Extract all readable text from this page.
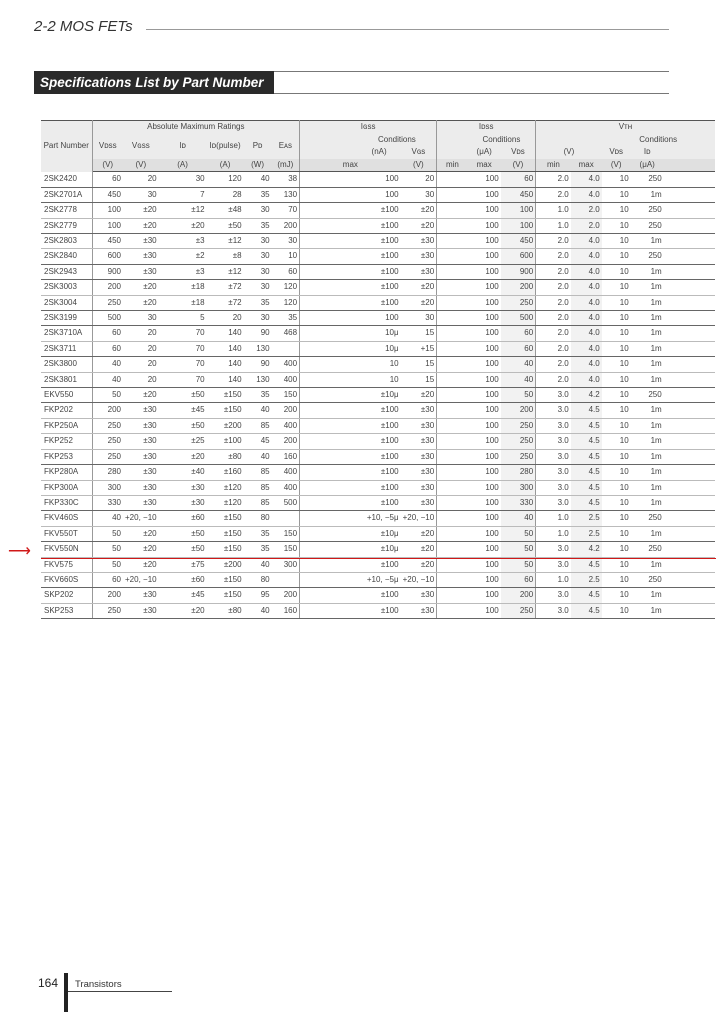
2-2 MOS FETs
Specifications List by Part Number
Part Number	Absolute Maximum Ratings						Iɢss			Iᴅss			Vᴛʜ				
	Vᴅss	Vɢss	Iᴅ	Iᴅ(pulse)	Pᴅ	Eᴀs		Conditions			Conditions				Conditions		
								(nA)	Vɢs		(μA)	Vᴅs	(V)		Vᴅs	Iᴅ	
	(V)	(V)	(A)	(A)	(W)	(mJ)	max		(V)	min	max	(V)	min	max	(V)	(μA)	
2SK2420	60	20	30	120	40	38		100	20		100	60	2.0	4.0	10	250	
2SK2701A	450	30	7	28	35	130		100	30		100	450	2.0	4.0	10	1m	
2SK2778	100	±20	±12	±48	30	70		±100	±20		100	100	1.0	2.0	10	250	
2SK2779	100	±20	±20	±50	35	200		±100	±20		100	100	1.0	2.0	10	250	
2SK2803	450	±30	±3	±12	30	30		±100	±30		100	450	2.0	4.0	10	1m	
2SK2840	600	±30	±2	±8	30	10		±100	±30		100	600	2.0	4.0	10	250	
2SK2943	900	±30	±3	±12	30	60		±100	±30		100	900	2.0	4.0	10	1m	
2SK3003	200	±20	±18	±72	30	120		±100	±20		100	200	2.0	4.0	10	1m	
2SK3004	250	±20	±18	±72	35	120		±100	±20		100	250	2.0	4.0	10	1m	
2SK3199	500	30	5	20	30	35		100	30		100	500	2.0	4.0	10	1m	
2SK3710A	60	20	70	140	90	468		10μ	15		100	60	2.0	4.0	10	1m	
2SK3711	60	20	70	140	130			10μ	+15		100	60	2.0	4.0	10	1m	
2SK3800	40	20	70	140	90	400		10	15		100	40	2.0	4.0	10	1m	
2SK3801	40	20	70	140	130	400		10	15		100	40	2.0	4.0	10	1m	
EKV550	50	±20	±50	±150	35	150		±10μ	±20		100	50	3.0	4.2	10	250	
FKP202	200	±30	±45	±150	40	200		±100	±30		100	200	3.0	4.5	10	1m	
FKP250A	250	±30	±50	±200	85	400		±100	±30		100	250	3.0	4.5	10	1m	
FKP252	250	±30	±25	±100	45	200		±100	±30		100	250	3.0	4.5	10	1m	
FKP253	250	±30	±20	±80	40	160		±100	±30		100	250	3.0	4.5	10	1m	
FKP280A	280	±30	±40	±160	85	400		±100	±30		100	280	3.0	4.5	10	1m	
FKP300A	300	±30	±30	±120	85	400		±100	±30		100	300	3.0	4.5	10	1m	
FKP330C	330	±30	±30	±120	85	500		±100	±30		100	330	3.0	4.5	10	1m	
FKV460S	40	+20, −10	±60	±150	80			+10, −5μ	+20, −10		100	40	1.0	2.5	10	250	
FKV550T	50	±20	±50	±150	35	150		±10μ	±20		100	50	1.0	2.5	10	1m	
FKV550N	50	±20	±50	±150	35	150		±10μ	±20		100	50	3.0	4.2	10	250	
FKV575	50	±20	±75	±200	40	300		±100	±20		100	50	3.0	4.5	10	1m	
FKV660S	60	+20, −10	±60	±150	80			+10, −5μ	+20, −10		100	60	1.0	2.5	10	250	
SKP202	200	±30	±45	±150	95	200		±100	±30		100	200	3.0	4.5	10	1m	
SKP253	250	±30	±20	±80	40	160		±100	±30		100	250	3.0	4.5	10	1m	
⟶
164 Transistors
